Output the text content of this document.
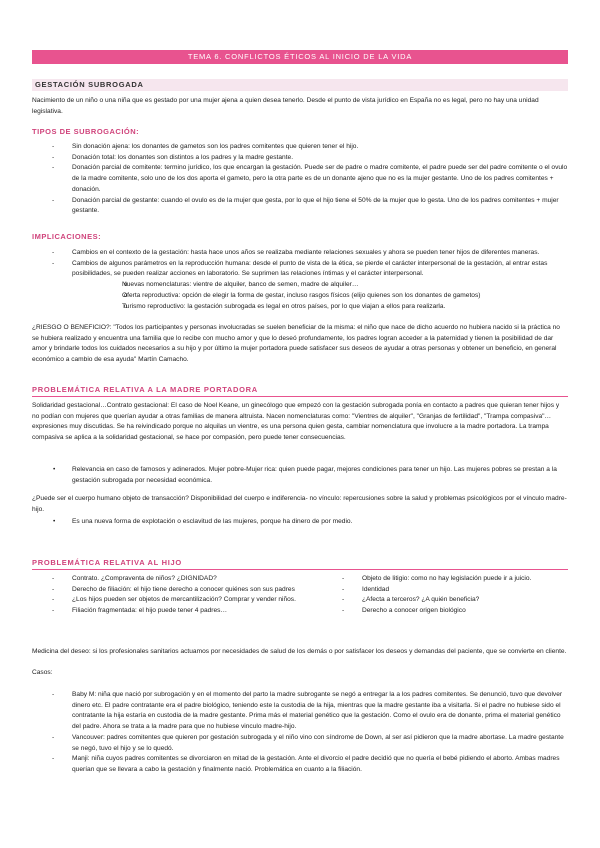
TEMA 6. CONFLICTOS ÉTICOS AL INICIO DE LA VIDA
GESTACIÓN SUBROGADA

Nacimiento de un niño o una niña que es gestado por una mujer ajena a quien desea tenerlo. Desde el punto de vista jurídico en España no es legal, pero no hay una unidad legislativa.

TIPOS DE SUBROGACIÓN:
- Sin donación ajena: los donantes de gametos son los padres comitentes que quieren tener el hijo.
- Donación total: los donantes son distintos a los padres y la madre gestante.
- Donación parcial de comitente: termino jurídico, los que encargan la gestación. Puede ser de padre o madre comitente, el padre puede ser del padre comitente o el ovulo de la madre comitente, solo uno de los dos aporta el gameto, pero la otra parte es de un donante ajeno que no es la mujer gestante. Uno de los padres comitentes + donación.
- Donación parcial de gestante: cuando el ovulo es de la mujer que gesta, por lo que el hijo tiene el 50% de la mujer que lo gesta. Uno de los padres comitentes + mujer gestante.
IMPLICACIONES:
- Cambios en el contexto de la gestación: hasta hace unos años se realizaba mediante relaciones sexuales y ahora se pueden tener hijos de diferentes maneras.
- Cambios de algunos parámetros en la reproducción humana: desde el punto de vista de la ética, se pierde el carácter interpersonal de la gestación, al entrar estas posibilidades, se pueden realizar acciones en laboratorio. Se suprimen las relaciones íntimas y el carácter interpersonal.
o Nuevas nomenclaturas: vientre de alquiler, banco de semen, madre de alquiler…
o Oferta reproductiva: opción de elegir la forma de gestar, incluso rasgos físicos (elijo quienes son los donantes de gametos)
o Turismo reproductivo: la gestación subrogada es legal en otros países, por lo que viajan a ellos para realizarla.

¿RIESGO O BENEFICIO?: "Todos los participantes y personas involucradas se suelen beneficiar de la misma: el niño que nace de dicho acuerdo no hubiera nacido si la práctica no se hubiera realizado y encuentra una familia que lo recibe con mucho amor y que lo deseó profundamente, los padres logran acceder a la paternidad y tienen la posibilidad de dar amor y brindarle todos los cuidados necesarios a su hijo y por último la mujer portadora puede satisfacer sus deseos de ayudar a otras personas y obtener un beneficio, en general económico a cambio de esa ayuda" Martín Camacho.

PROBLEMÁTICA RELATIVA A LA MADRE PORTADORA

Solidaridad gestacional…Contrato gestacional: El caso de Noel Keane, un ginecólogo que empezó con la gestación subrogada ponía en contacto a padres que quieran tener hijos y no podían con mujeres que querían ayudar a otras familias de manera altruista. Nacen nomenclaturas como: "Vientres de alquiler", "Granjas de fertilidad", "Trampa compasiva"… expresiones muy discutidas. Se ha reivindicado porque no alquilas un vientre, es una persona quien gesta, cambiar nomenclatura que involucre a la madre portadora. La trampa compasiva se aplica a la solidaridad gestacional, se hace por compasión, pero puede tener consecuencias.

• Relevancia en caso de famosos y adinerados. Mujer pobre-Mujer rica: quien puede pagar, mejores condiciones para tener un hijo. Las mujeres pobres se prestan a la gestación subrogada por necesidad económica.

¿Puede ser el cuerpo humano objeto de transacción? Disponibilidad del cuerpo e indiferencia- no vínculo: repercusiones sobre la salud y problemas psicológicos por el vínculo madre-hijo.

• Es una nueva forma de explotación o esclavitud de las mujeres, porque ha dinero de por medio.
PROBLEMÁTICA RELATIVA AL HIJO
- Contrato. ¿Compraventa de niños? ¿DIGNIDAD?
- Derecho de filiación: el hijo tiene derecho a conocer quiénes son sus padres
- ¿Los hijos pueden ser objetos de mercantilización? Comprar y vender niños.
- Filiación fragmentada: el hijo puede tener 4 padres…
- Objeto de litigio: como no hay legislación puede ir a juicio.
- Identidad
- ¿Afecta a terceros? ¿A quién beneficia?
- Derecho a conocer origen biológico

Medicina del deseo: si los profesionales sanitarios actuamos por necesidades de salud de los demás o por satisfacer los deseos y demandas del paciente, que se convierte en cliente.

Casos:

- Baby M: niña que nació por subrogación y en el momento del parto la madre subrogante se negó a entregar la a los padres comitentes. Se denunció, tuvo que devolver dinero etc. El padre contratante era el padre biológico, teniendo este la custodia de la hija, mientras que la madre gestante iba a visitarla. Si el padre no hubiese sido el contratante la hija estaría en custodia de la madre gestante. Prima más el material genético que la gestación. Como el ovulo era de donante, prima el material genético del padre. Ahora se trata a la madre para que no hubiese vinculo madre-hijo.
- Vancouver: padres comitentes que quieren por gestación subrogada y el niño vino con síndrome de Down, al ser así pidieron que la madre abortase. La madre gestante se negó, tuvo el hijo y se lo quedó.
- Manji: niña cuyos padres comitentes se divorciaron en mitad de la gestación. Ante el divorcio el padre decidió que no quería el bebé pidiendo el aborto. Ambas madres querían que se llevara a cabo la gestación y finalmente nació. Problemática en cuanto a la filiación.
